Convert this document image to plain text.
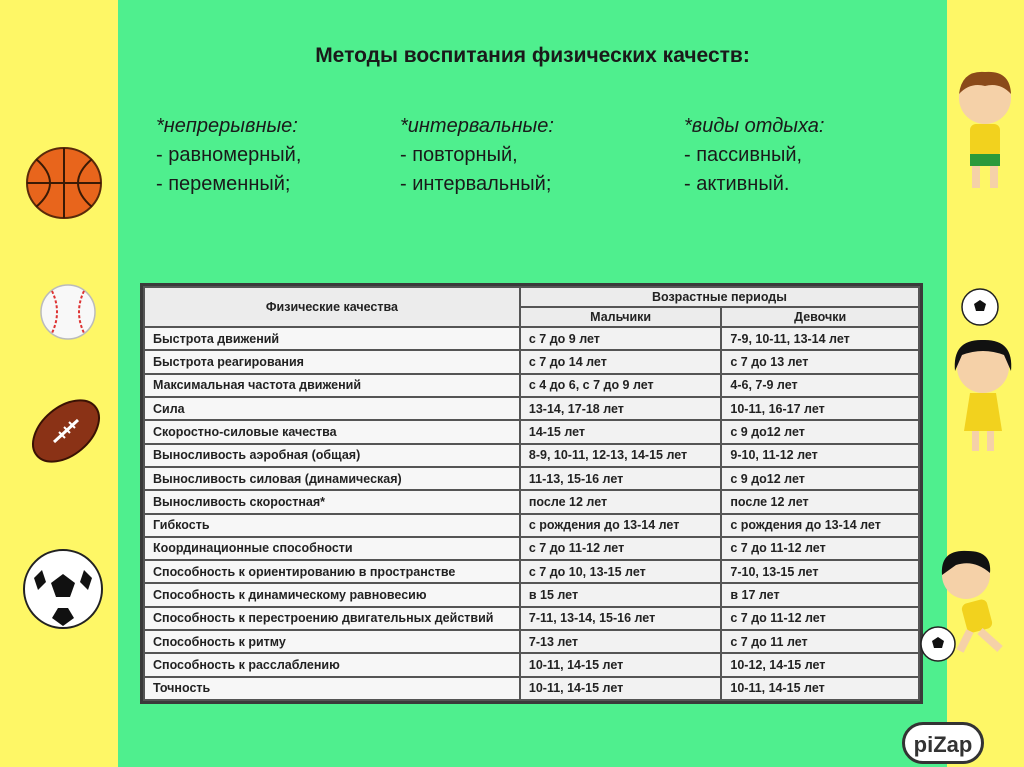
Методы воспитания физических качеств:
*непрерывные:
- равномерный,
- переменный;
*интервальные:
- повторный,
- интервальный;
*виды отдыха:
- пассивный,
- активный.
Физические качества	Возрастные периоды	
	Мальчики	Девочки
Быстрота движений	с 7 до 9 лет	7-9, 10-11, 13-14 лет
Быстрота реагирования	с 7 до 14 лет	с 7 до 13 лет
Максимальная частота движений	с 4 до 6, с 7 до 9 лет	4-6, 7-9 лет
Сила	13-14, 17-18 лет	10-11, 16-17 лет
Скоростно-силовые качества	14-15 лет	с 9 до12 лет
Выносливость аэробная (общая)	8-9, 10-11, 12-13, 14-15 лет	9-10, 11-12 лет
Выносливость силовая (динамическая)	11-13, 15-16 лет	с 9 до12 лет
Выносливость скоростная*	после 12 лет	после 12 лет
Гибкость	с рождения до 13-14 лет	с рождения до 13-14 лет
Координационные способности	с 7 до 11-12 лет	с 7 до 11-12 лет
Способность к ориентированию в пространстве	с 7 до 10, 13-15 лет	7-10, 13-15 лет
Способность к динамическому равновесию	в 15 лет	в 17 лет
Способность к перестроению двигательных действий	7-11, 13-14, 15-16 лет	с 7 до 11-12 лет
Способность к ритму	7-13 лет	с 7 до 11 лет
Способность к расслаблению	10-11, 14-15 лет	10-12, 14-15 лет
Точность	10-11, 14-15 лет	10-11, 14-15 лет
piZap
